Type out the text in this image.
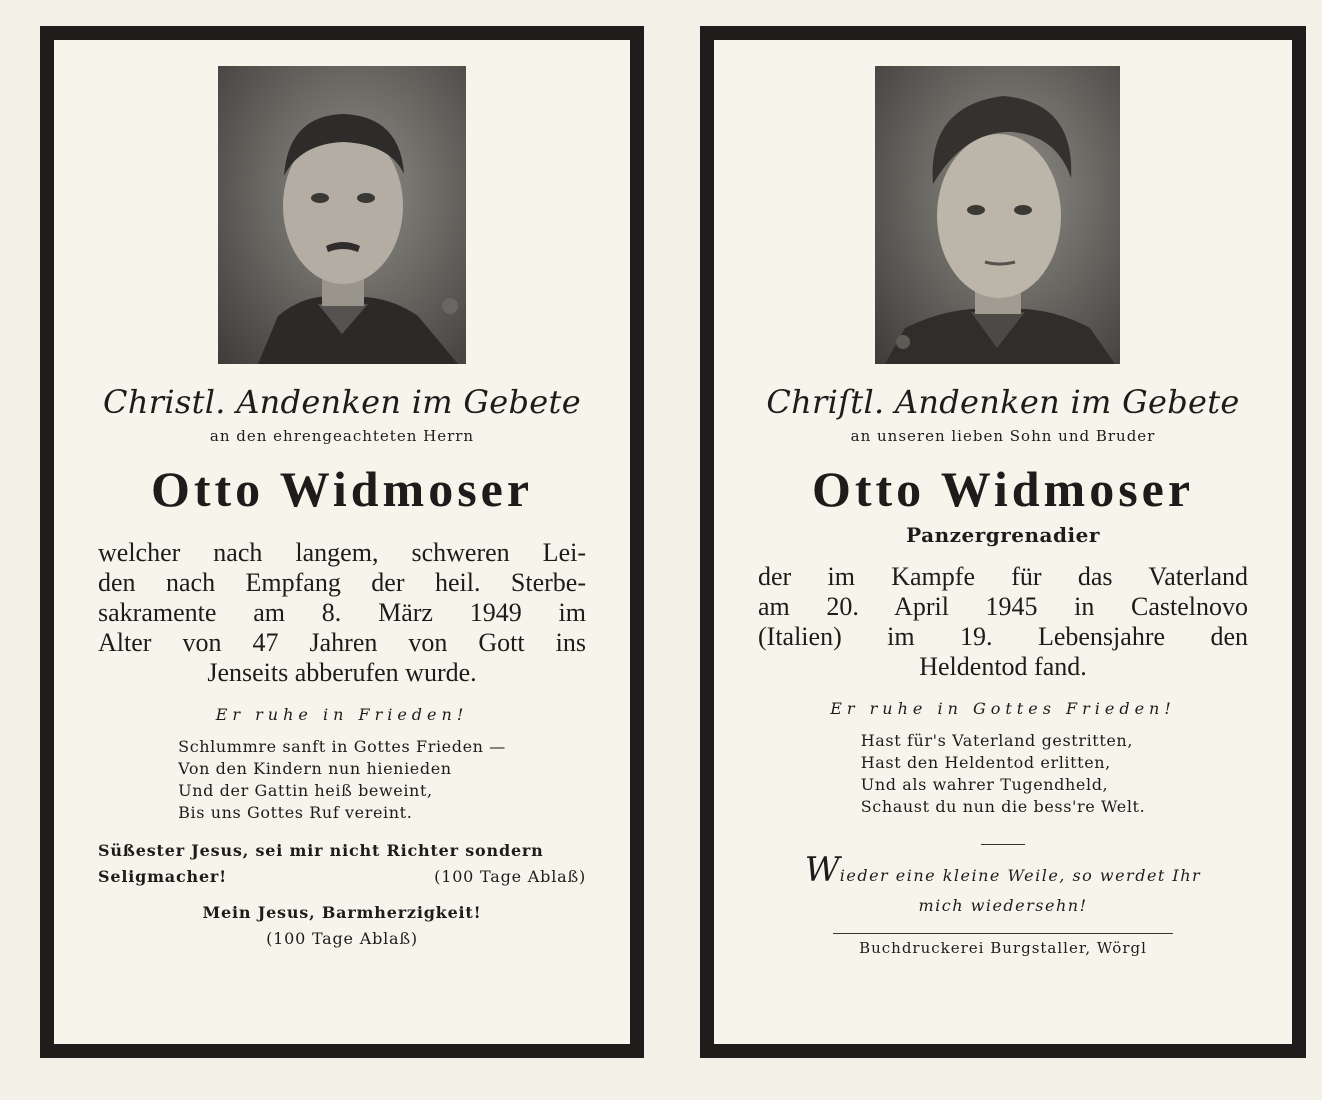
Christl. Andenken im Gebete

an den ehrengeachteten Herrn

Otto Widmoser

welcher nach langem, schweren Lei-

den nach Empfang der heil. Sterbe-

sakramente am 8. März 1949 im

Alter von 47 Jahren von Gott ins

Jenseits abberufen wurde.

Er ruhe in Frieden!

Schlummre sanft in Gottes Frieden —
Von den Kindern nun hienieden
Und der Gattin heiß beweint,
Bis uns Gottes Ruf vereint.
Süßester Jesus, sei mir nicht Richter sondern
Seligmacher!	(100 Tage Ablaß)
Mein Jesus, Barmherzigkeit!
(100 Tage Ablaß)

Chriſtl. Andenken im Gebete

an unseren lieben Sohn und Bruder

Otto Widmoser

Panzergrenadier

der im Kampfe für das Vaterland

am 20. April 1945 in Castelnovo

(Italien) im 19. Lebensjahre den

Heldentod fand.

Er ruhe in Gottes Frieden!

Hast für's Vaterland gestritten,
Hast den Heldentod erlitten,
Und als wahrer Tugendheld,
Schaust du nun die bess're Welt.
Wieder eine kleine Weile, so werdet Ihr
mich wiedersehn!
Buchdruckerei Burgstaller, Wörgl
